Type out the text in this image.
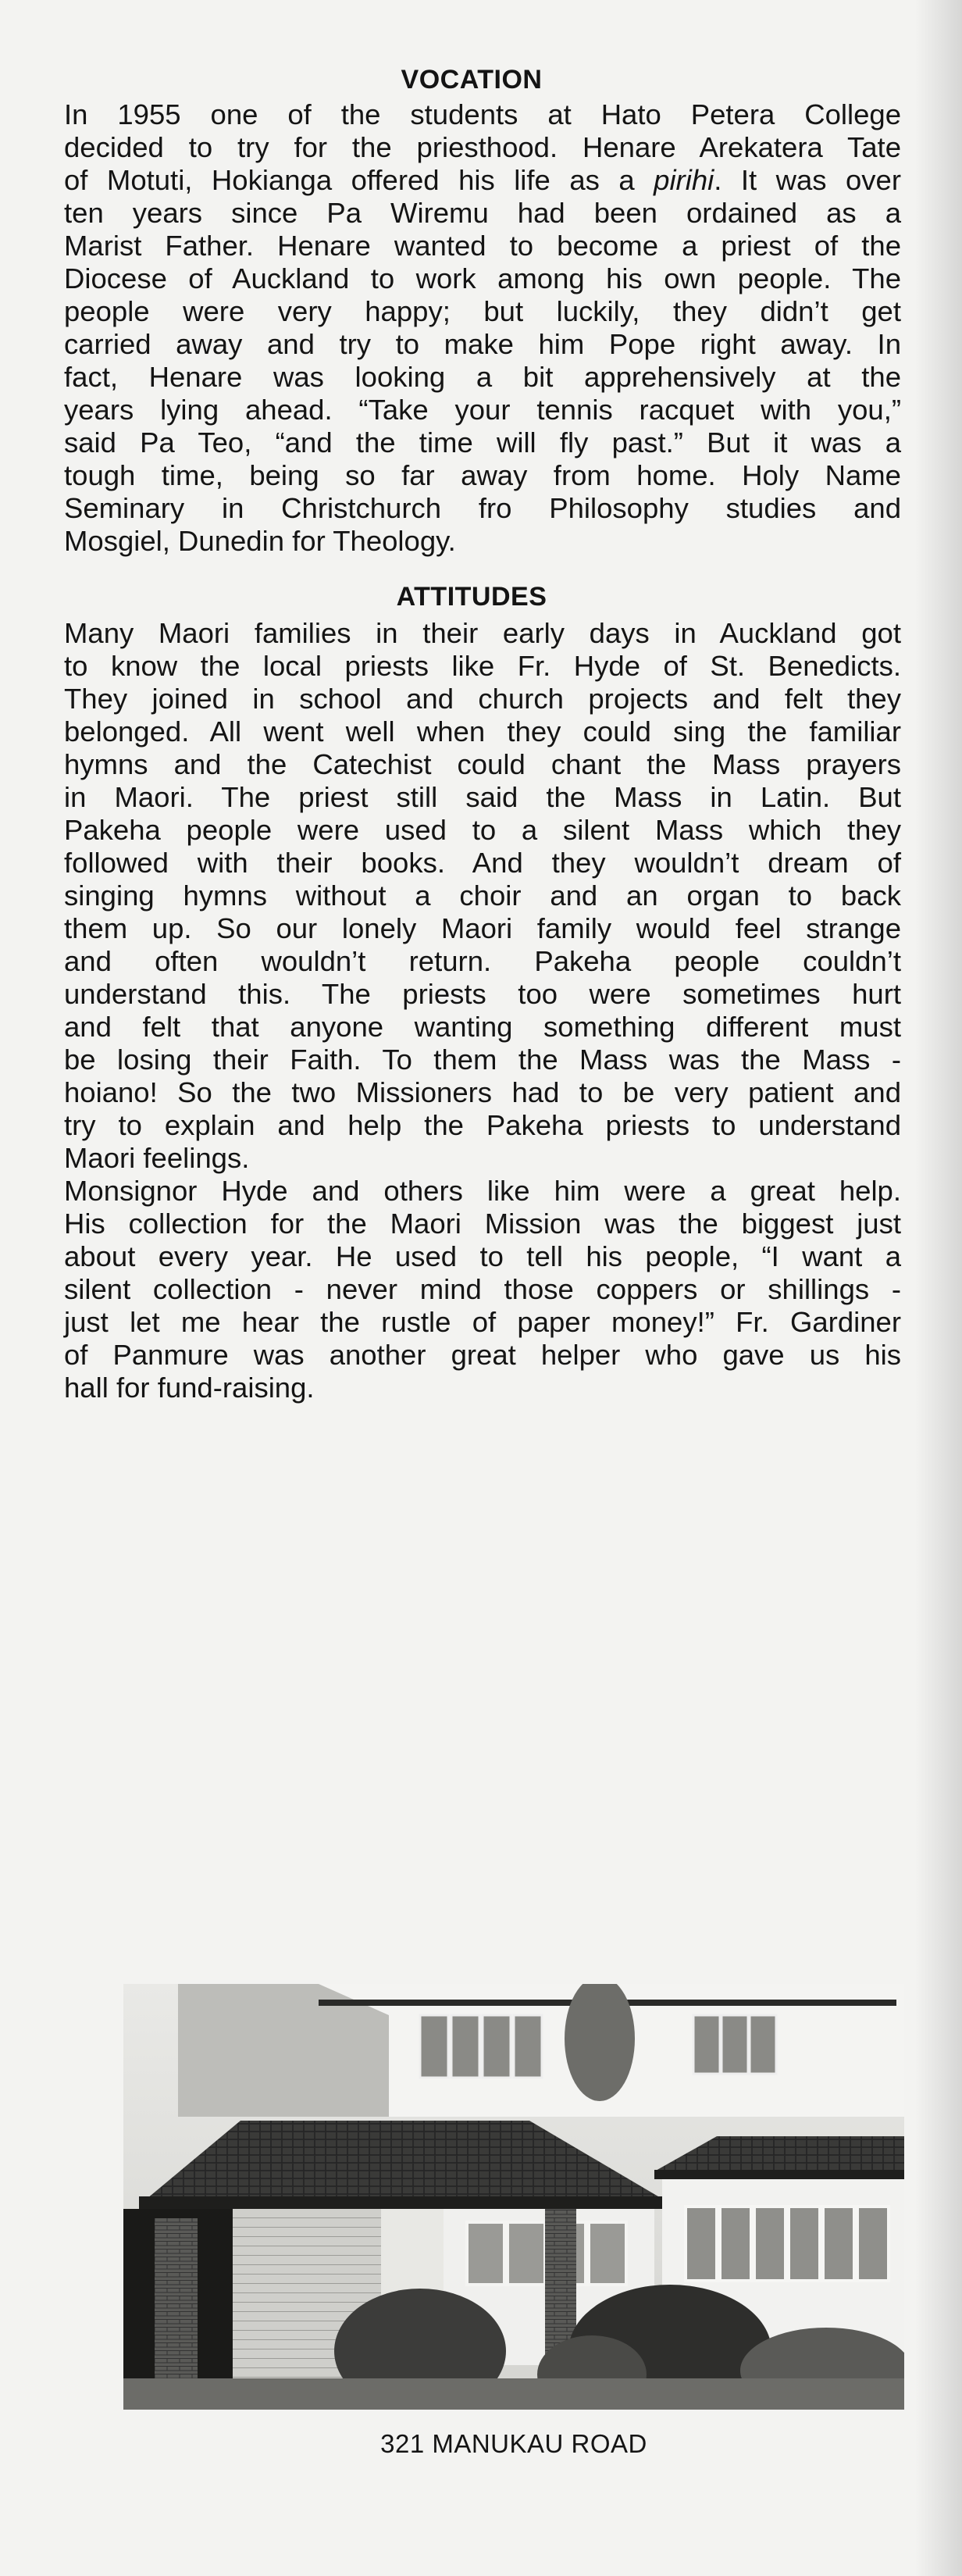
VOCATION

In 1955 one of the students at Hato Petera College
decided to try for the priesthood. Henare Arekatera Tate
of Motuti, Hokianga offered his life as a pirihi. It was over
ten years since Pa Wiremu had been ordained as a
Marist Father. Henare wanted to become a priest of the
Diocese of Auckland to work among his own people. The
people were very happy; but luckily, they didn’t get
carried away and try to make him Pope right away. In
fact, Henare was looking a bit apprehensively at the
years lying ahead. “Take your tennis racquet with you,”
said Pa Teo, “and the time will fly past.” But it was a
tough time, being so far away from home. Holy Name
Seminary in Christchurch fro Philosophy studies and
Mosgiel, Dunedin for Theology.

ATTITUDES

Many Maori families in their early days in Auckland got
to know the local priests like Fr. Hyde of St. Benedicts.
They joined in school and church projects and felt they
belonged. All went well when they could sing the familiar
hymns and the Catechist could chant the Mass prayers
in Maori. The priest still said the Mass in Latin. But
Pakeha people were used to a silent Mass which they
followed with their books. And they wouldn’t dream of
singing hymns without a choir and an organ to back
them up. So our lonely Maori family would feel strange
and often wouldn’t return. Pakeha people couldn’t
understand this. The priests too were sometimes hurt
and felt that anyone wanting something different must
be losing their Faith. To them the Mass was the Mass -
hoiano! So the two Missioners had to be very patient and
try to explain and help the Pakeha priests to understand
Maori feelings.

Monsignor Hyde and others like him were a great help.
His collection for the Maori Mission was the biggest just
about every year. He used to tell his people, “I want a
silent collection - never mind those coppers or shillings -
just let me hear the rustle of paper money!” Fr. Gardiner
of Panmure was another great helper who gave us his
hall for fund-raising.

321 MANUKAU ROAD
